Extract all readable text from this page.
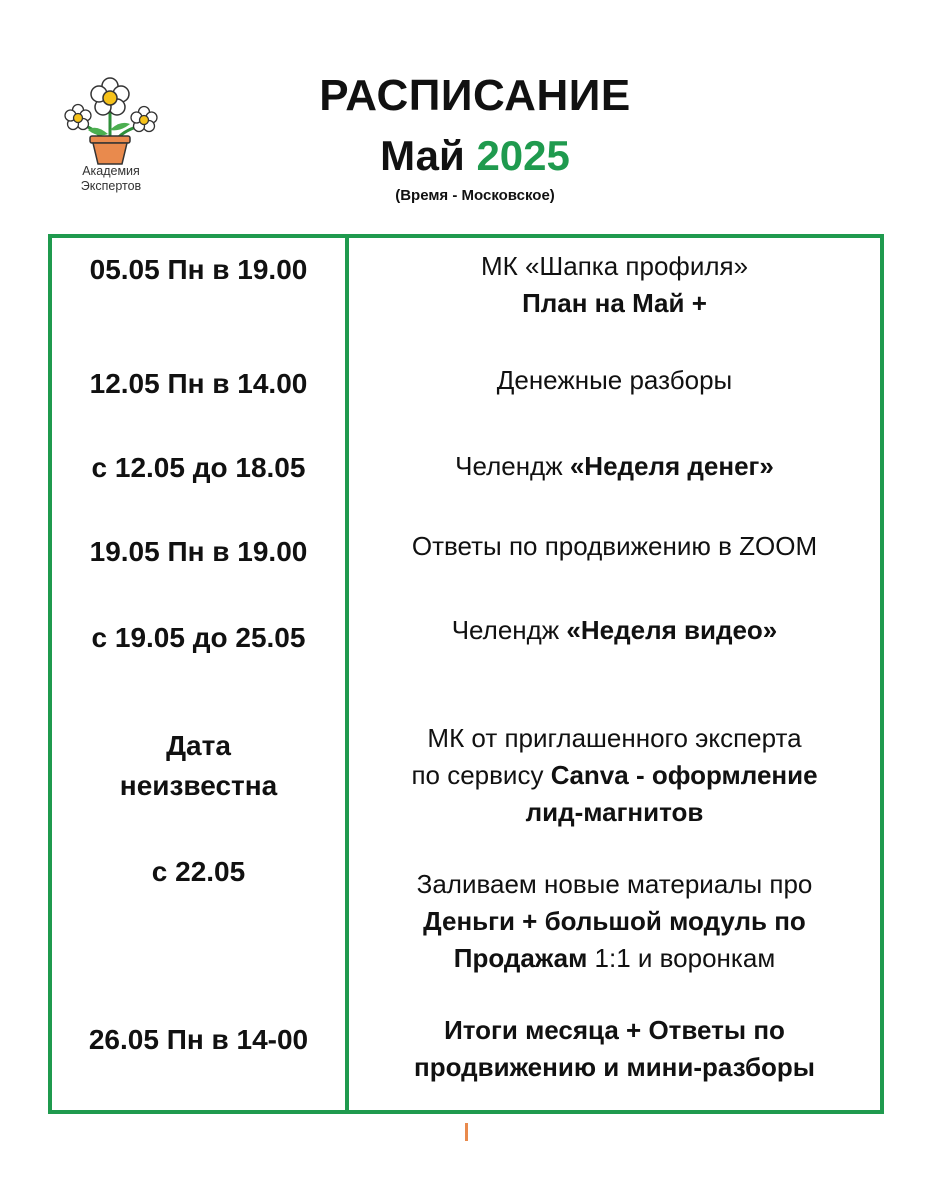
Академия
Экспертов
РАСПИСАНИЕ
Май 2025
(Время - Московское)
05.05 Пн в 19.00
12.05 Пн в 14.00
с 12.05 до 18.05
19.05 Пн в 19.00
с 19.05 до 25.05
Дата неизвестна
с 22.05
26.05 Пн в 14-00
МК «Шапка профиля»
План на Май +
Денежные разборы
Челендж «Неделя денег»
Ответы по продвижению в ZOOM
Челендж «Неделя видео»
МК от приглашенного эксперта
по сервису Canva - оформление
лид-магнитов
Заливаем новые материалы про
Деньги + большой модуль по
Продажам 1:1 и воронкам
Итоги месяца + Ответы по
продвижению и мини-разборы
